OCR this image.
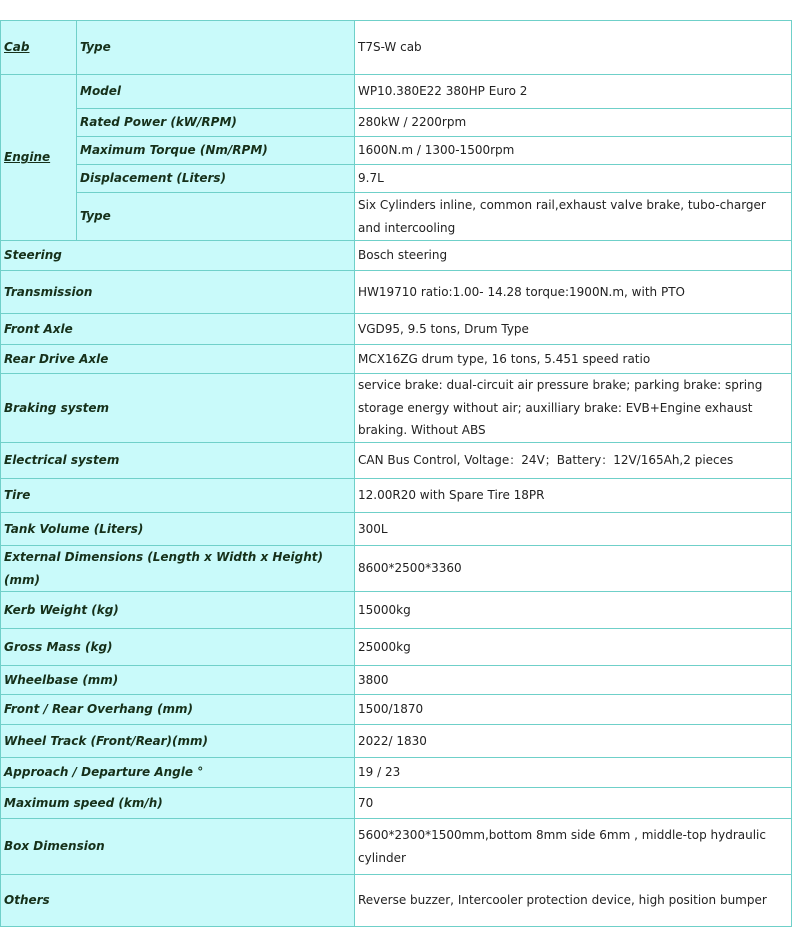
Cab	Type	T7S-W cab
Engine	Model	WP10.380E22 380HP Euro 2
	Rated Power (kW/RPM)	280kW / 2200rpm
	Maximum Torque (Nm/RPM)	1600N.m / 1300-1500rpm
	Displacement (Liters)	9.7L
	Type	Six Cylinders inline, common rail,exhaust valve brake, tubo-charger and intercooling
Steering		Bosch steering
Transmission		HW19710 ratio:1.00- 14.28 torque:1900N.m, with PTO
Front Axle		VGD95, 9.5 tons, Drum Type
Rear Drive Axle		MCX16ZG drum type, 16 tons, 5.451 speed ratio
Braking system		service brake: dual-circuit air pressure brake; parking brake: spring storage energy without air; auxilliary brake: EVB+Engine exhaust braking. Without ABS
Electrical system		CAN Bus Control, Voltage：24V；Battery：12V/165Ah,2 pieces
Tire		12.00R20 with Spare Tire 18PR
Tank Volume (Liters)		300L
External Dimensions (Length x Width x Height)(mm)		8600*2500*3360
Kerb Weight (kg)		15000kg
Gross Mass (kg)		25000kg
Wheelbase (mm)		3800
Front / Rear Overhang (mm)		1500/1870
Wheel Track (Front/Rear)(mm)		2022/ 1830
Approach / Departure Angle °		19 / 23
Maximum speed (km/h)		70
Box Dimension		5600*2300*1500mm,bottom 8mm side 6mm , middle-top hydraulic cylinder
Others		Reverse buzzer, Intercooler protection device, high position bumper
